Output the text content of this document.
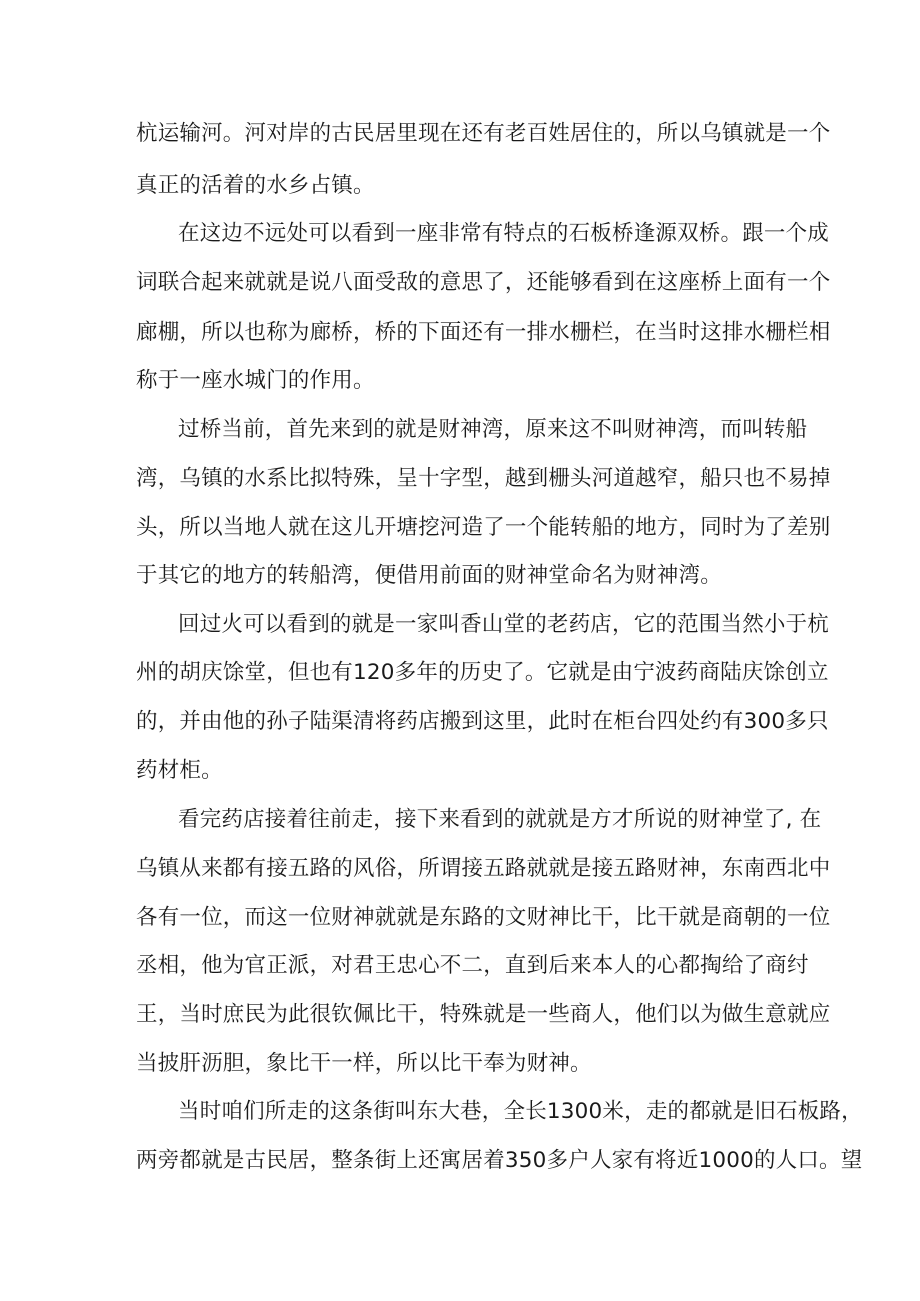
杭运输河。河对岸的古民居里现在还有老百姓居住的，所以乌镇就是一个
真正的活着的水乡占镇。
在这边不远处可以看到一座非常有特点的石板桥逢源双桥。跟一个成
词联合起来就就是说八面受敌的意思了，还能够看到在这座桥上面有一个
廊棚，所以也称为廊桥，桥的下面还有一排水栅栏，在当时这排水栅栏相
称于一座水城门的作用。
过桥当前，首先来到的就是财神湾，原来这不叫财神湾，而叫转船
湾，乌镇的水系比拟特殊，呈十字型，越到栅头河道越窄，船只也不易掉
头，所以当地人就在这儿开塘挖河造了一个能转船的地方，同时为了差别
于其它的地方的转船湾，便借用前面的财神堂命名为财神湾。
回过火可以看到的就是一家叫香山堂的老药店，它的范围当然小于杭
州的胡庆馀堂，但也有120多年的历史了。它就是由宁波药商陆庆馀创立
的，并由他的孙子陆渠清将药店搬到这里，此时在柜台四处约有300多只
药材柜。
看完药店接着往前走，接下来看到的就就是方才所说的财神堂了, 在
乌镇从来都有接五路的风俗，所谓接五路就就是接五路财神，东南西北中
各有一位，而这一位财神就就是东路的文财神比干，比干就是商朝的一位
丞相，他为官正派，对君王忠心不二，直到后来本人的心都掏给了商纣
王，当时庶民为此很钦佩比干，特殊就是一些商人，他们以为做生意就应
当披肝沥胆，象比干一样，所以比干奉为财神。
当时咱们所走的这条街叫东大巷，全长1300米，走的都就是旧石板路，
两旁都就是古民居，整条街上还寓居着350多户人家有将近1000的人口。望
